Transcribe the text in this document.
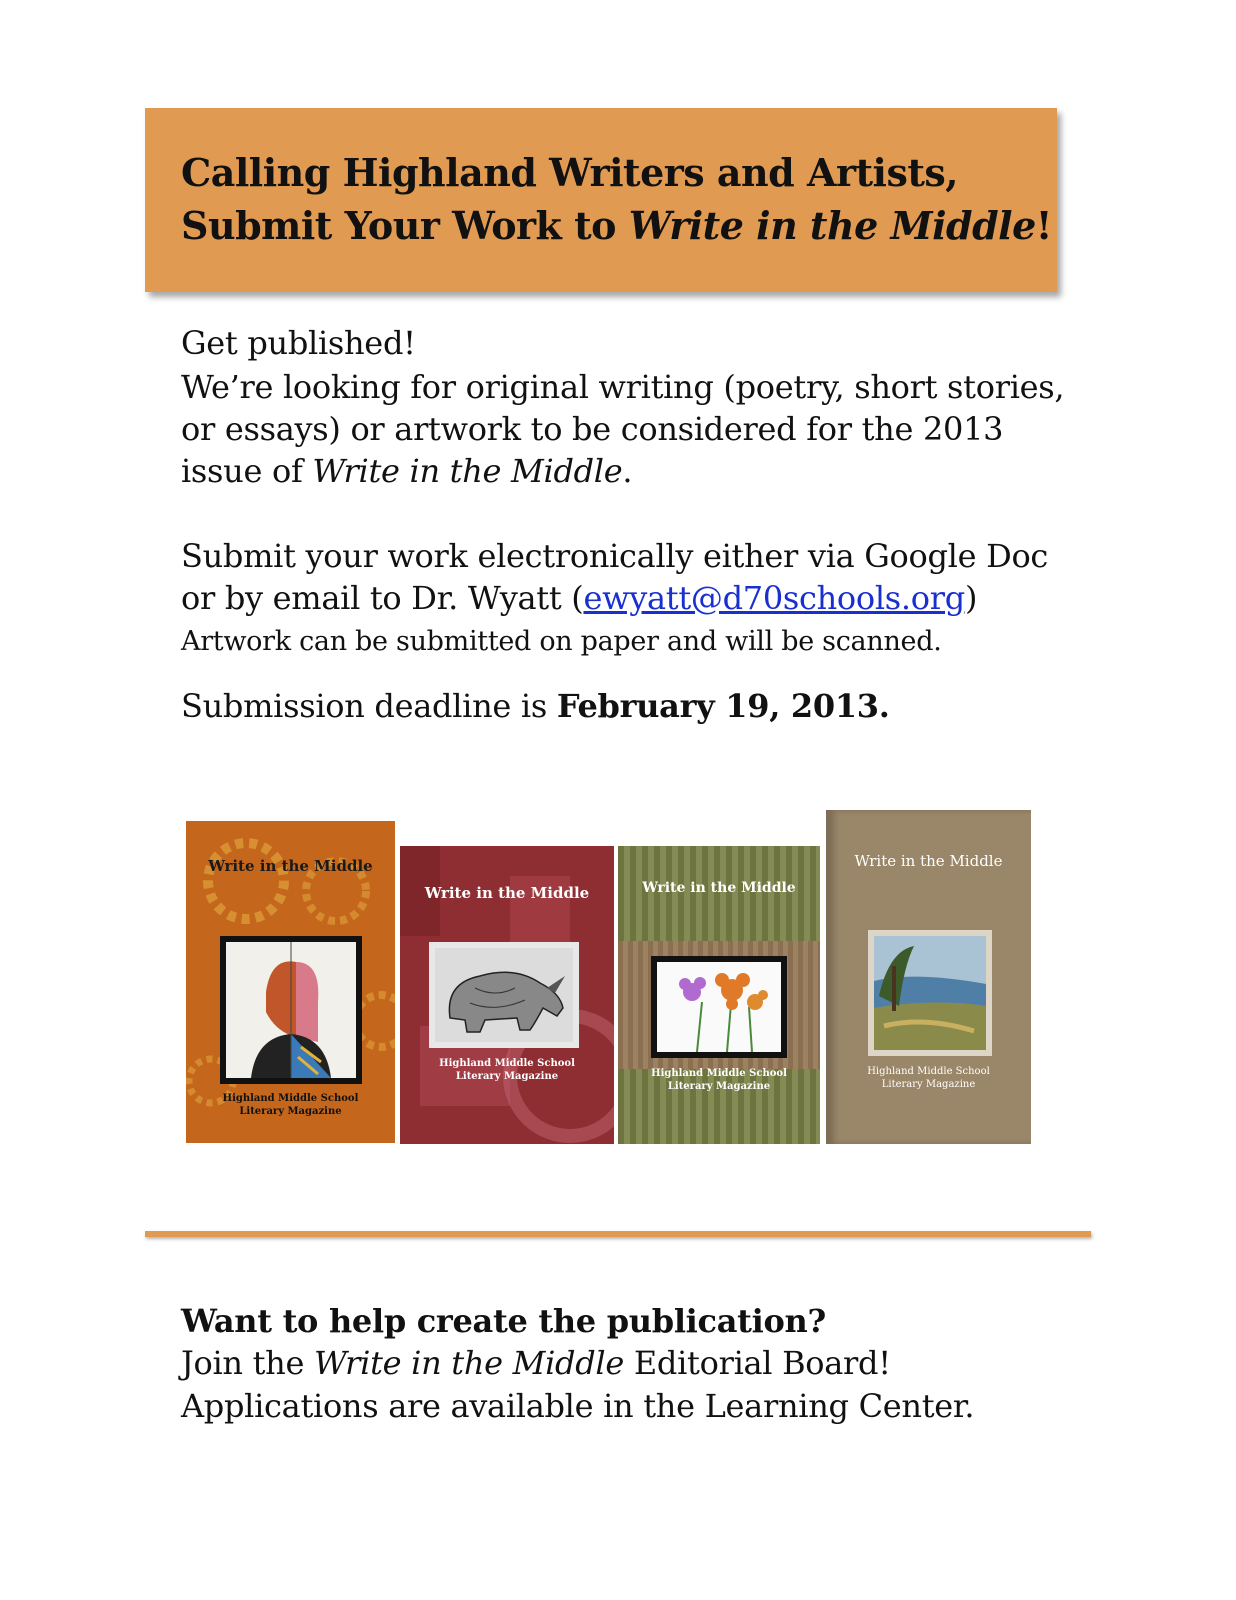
Calling Highland Writers and Artists,
Submit Your Work to Write in the Middle!
Get published!
We’re looking for original writing (poetry, short stories,
or essays) or artwork to be considered for the 2013
issue of Write in the Middle.
Submit your work electronically either via Google Doc
or by email to Dr. Wyatt (ewyatt@d70schools.org)
Artwork can be submitted on paper and will be scanned.
Submission deadline is February 19, 2013.
Write in the Middle
Highland Middle School
Literary Magazine
Write in the Middle
Highland Middle School
Literary Magazine
Write in the Middle
Highland Middle School
Literary Magazine
Write in the Middle
Highland Middle School
Literary Magazine
Want to help create the publication?
Join the Write in the Middle Editorial Board!
Applications are available in the Learning Center.
